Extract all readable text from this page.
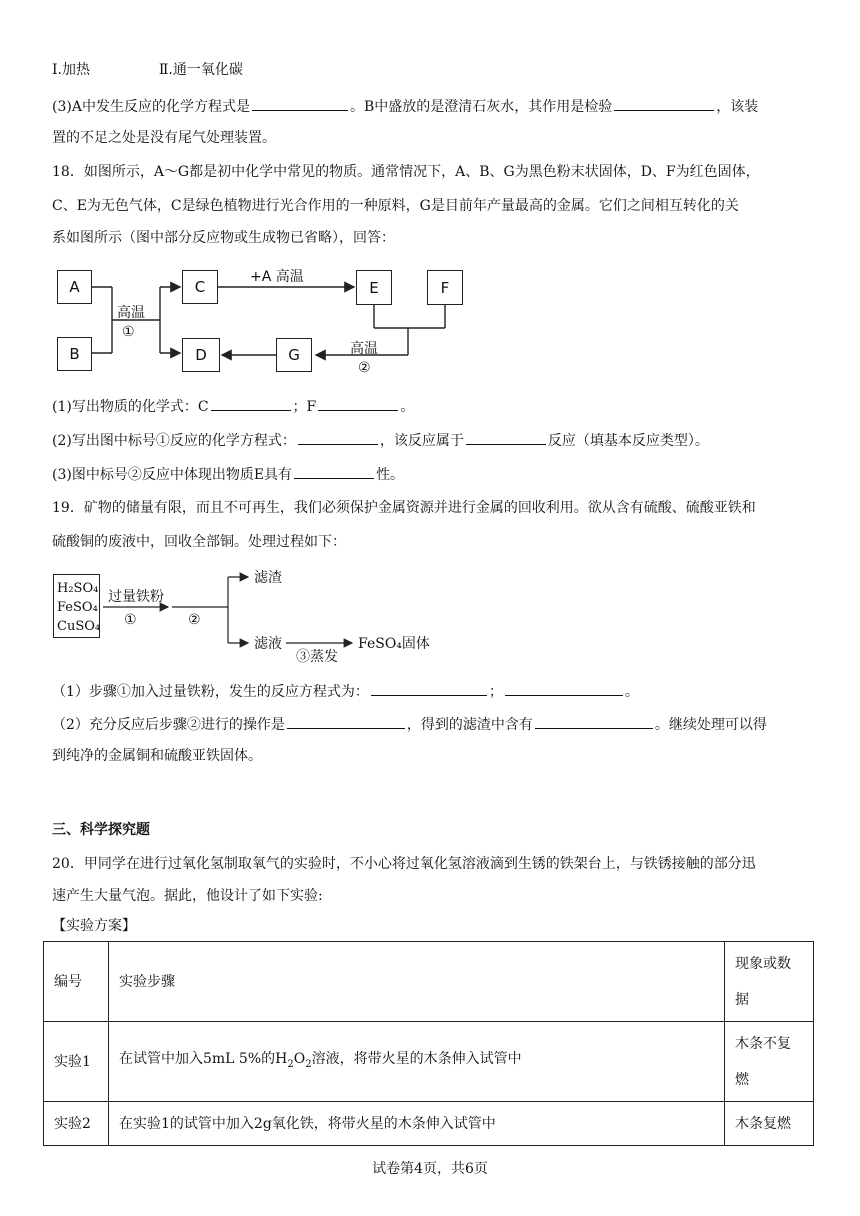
Ⅰ.加热	Ⅱ.通一氧化碳
(3)A中发生反应的化学方程式是	。B中盛放的是澄清石灰水，其作用是检验	，该装
置的不足之处是没有尾气处理装置。
18．如图所示，A～G都是初中化学中常见的物质。通常情况下，A、B、G为黑色粉末状固体，D、F为红色固体，
C、E为无色气体，C是绿色植物进行光合作用的一种原料，G是目前年产量最高的金属。它们之间相互转化的关
系如图所示（图中部分反应物或生成物已省略），回答：
A
B
C
D
E	F
G
高温
①
+A 高温
高温
②
(1)写出物质的化学式：C	；F	。
(2)写出图中标号①反应的化学方程式：	，该反应属于	反应（填基本反应类型）。
(3)图中标号②反应中体现出物质E具有	性。
19．矿物的储量有限，而且不可再生，我们必须保护金属资源并进行金属的回收利用。欲从含有硫酸、硫酸亚铁和
硫酸铜的废液中，回收全部铜。处理过程如下：
H₂SO₄
FeSO₄
CuSO₄
过量铁粉
①	②
滤渣
滤液	FeSO₄固体
③蒸发
（1）步骤①加入过量铁粉，发生的反应方程式为：	；	。
（2）充分反应后步骤②进行的操作是	，得到的滤渣中含有	。继续处理可以得
到纯净的金属铜和硫酸亚铁固体。
三、科学探究题
20．甲同学在进行过氧化氢制取氧气的实验时，不小心将过氧化氢溶液滴到生锈的铁架台上，与铁锈接触的部分迅
速产生大量气泡。据此，他设计了如下实验:
【实验方案】
编号	实验步骤	现象或数
据

实验1	在试管中加入5mL 5%的$H_2O_2$溶液，将带火星的木条伸入试管中	木条不复
燃

实验2	在实验1的试管中加入2g氧化铁，将带火星的木条伸入试管中	木条复燃
试卷第4页，共6页
